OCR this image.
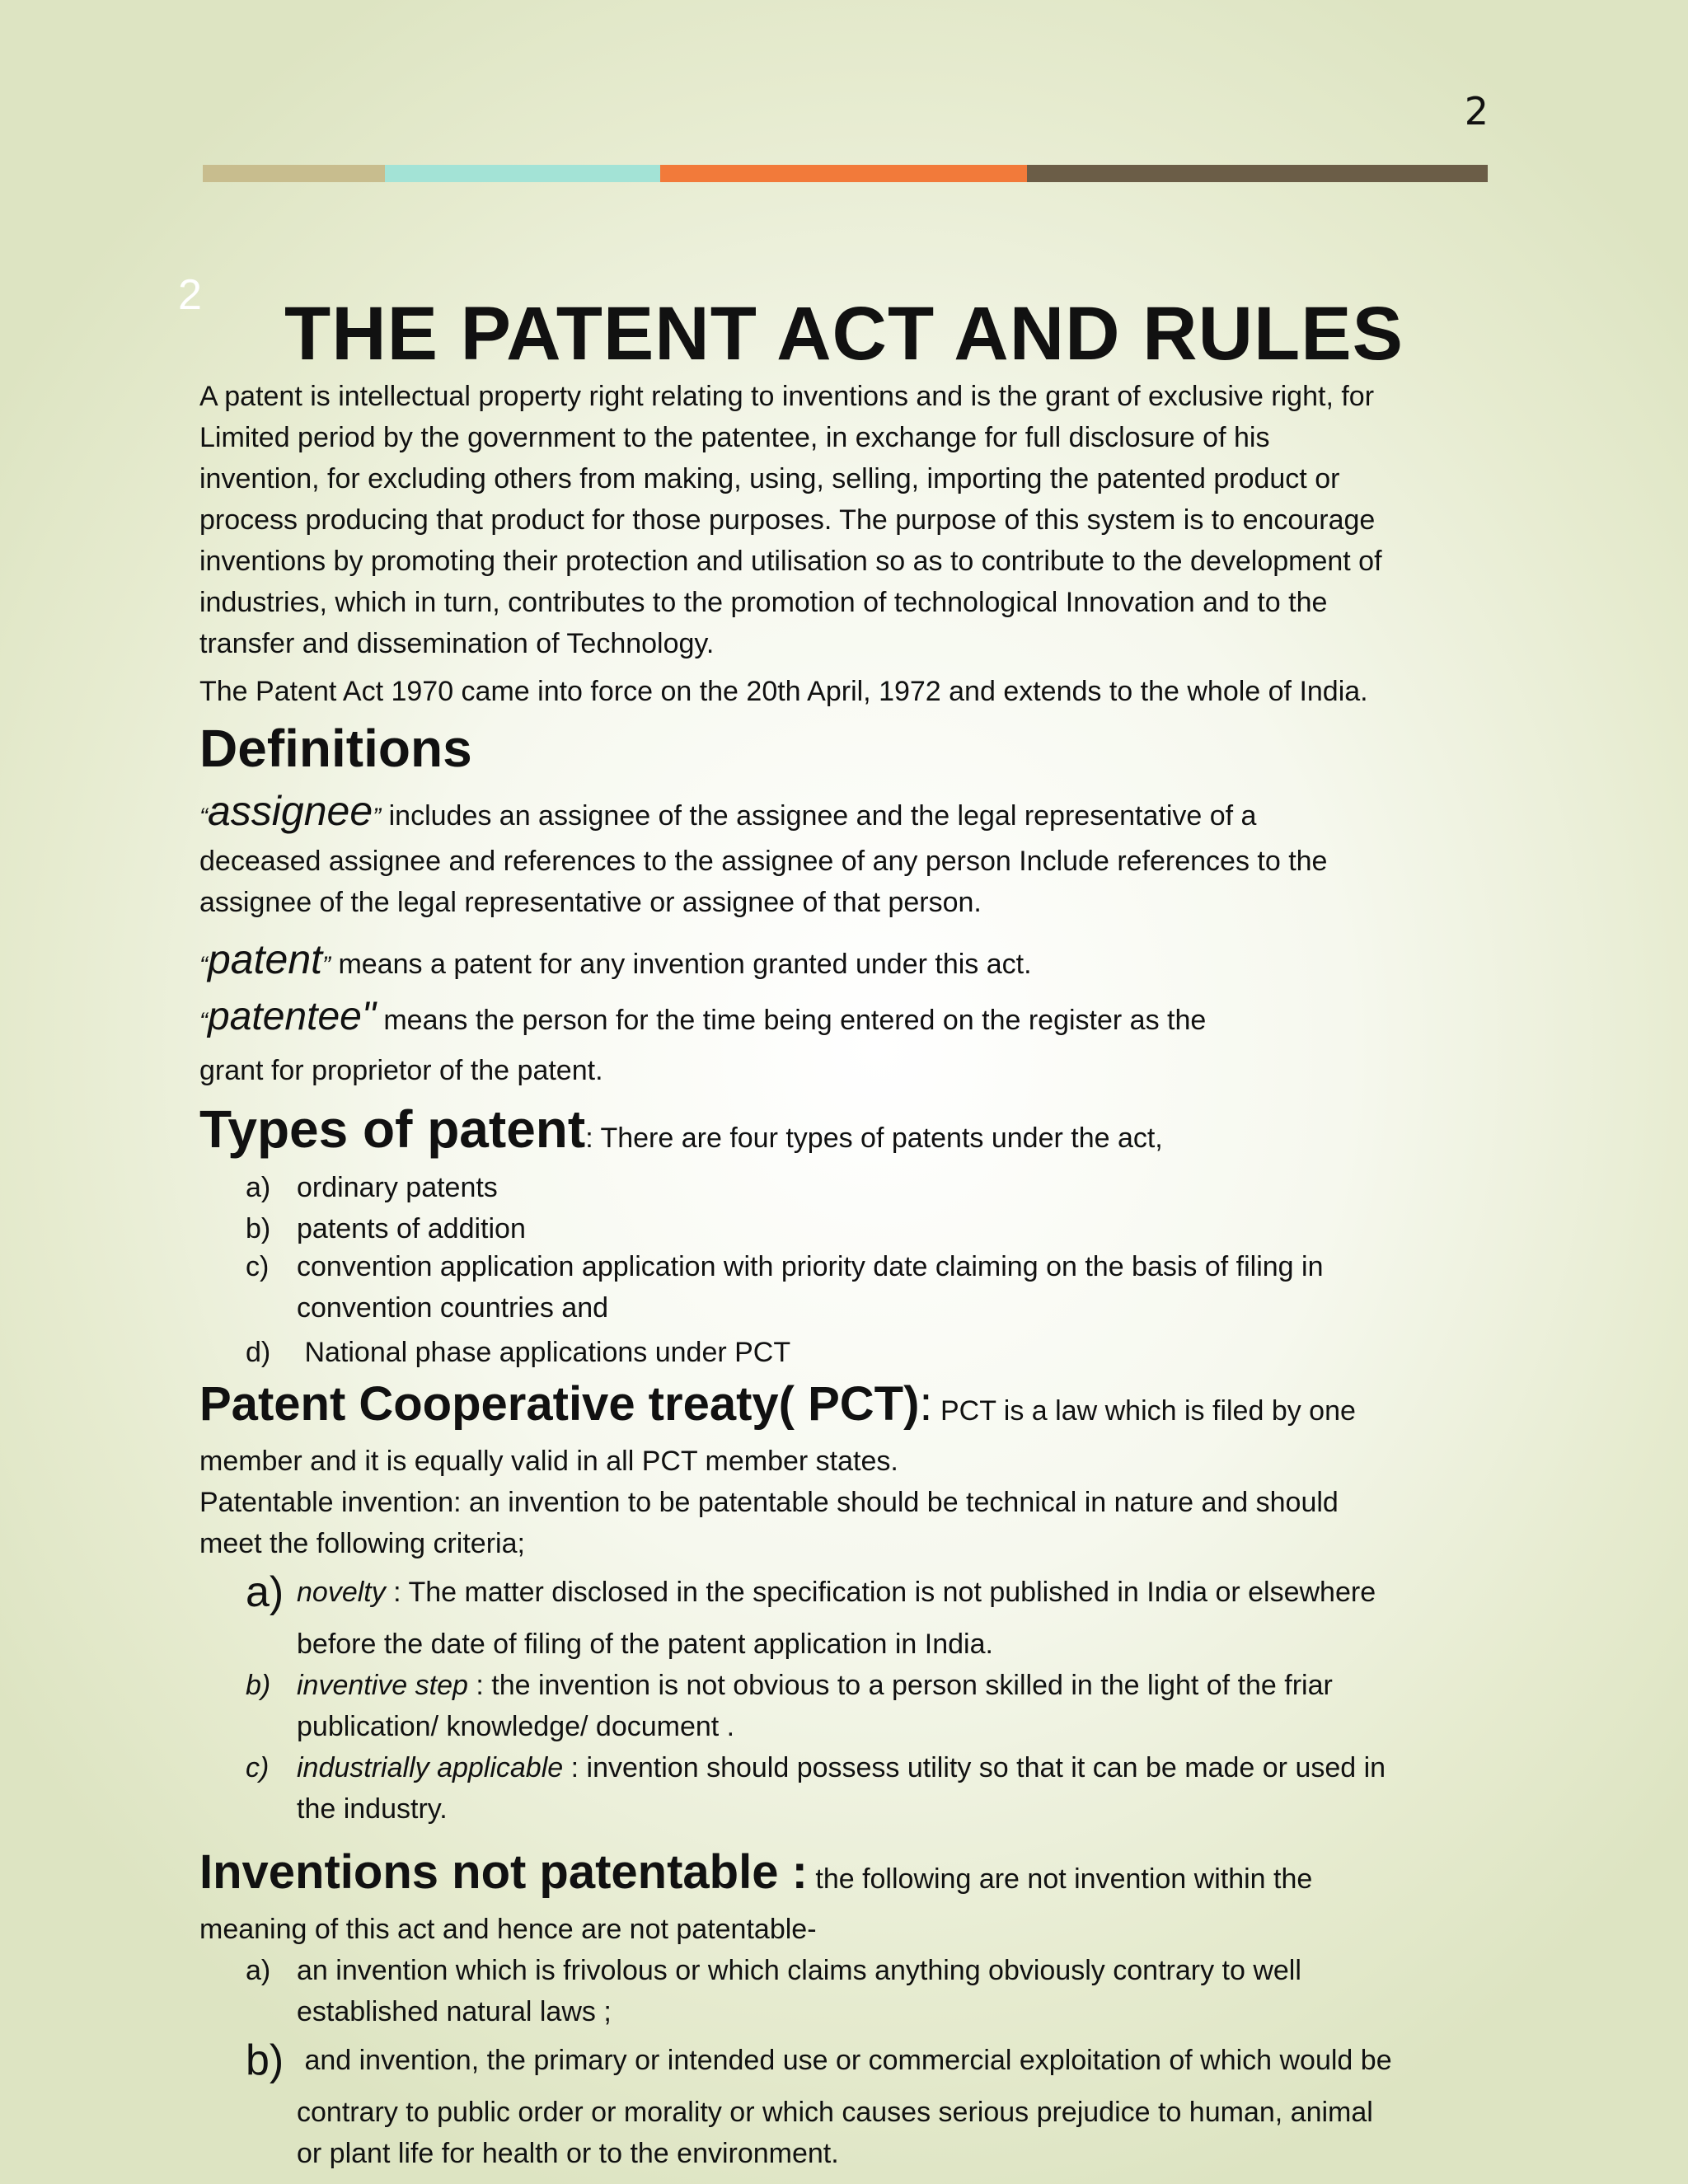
2
2	THE PATENT ACT AND RULES
A patent is intellectual property right relating to inventions and is the grant of exclusive right, for
Limited period by the government to the patentee, in exchange for full disclosure of his
invention, for excluding others from making, using, selling, importing the patented product or
process producing that product for those purposes. The purpose of this system is to encourage
inventions by promoting their protection and utilisation so as to contribute to the development of
industries, which in turn, contributes to the promotion of technological Innovation and to the
transfer and dissemination of Technology.
The Patent Act 1970 came into force on the 20th April, 1972 and extends to the whole of India.
Definitions
“assignee” includes an assignee of the assignee and the legal representative of a
deceased assignee and references to the assignee of any person Include references to the
assignee of the legal representative or assignee of that person.
“patent” means a patent for any invention granted under this act.
“patentee" means the person for the time being entered on the register as the
grant for proprietor of the patent.
Types of patent: There are four types of patents under the act,
a) ordinary patents
b) patents of addition
c) convention application application with priority date claiming on the basis of filing in
convention countries and
d) National phase applications under PCT
Patent Cooperative treaty( PCT): PCT is a law which is filed by one
member and it is equally valid in all PCT member states.
Patentable invention: an invention to be patentable should be technical in nature and should
meet the following criteria;
a) novelty : The matter disclosed in the specification is not published in India or elsewhere
before the date of filing of the patent application in India.
b) inventive step : the invention is not obvious to a person skilled in the light of the friar
publication/ knowledge/ document .
c) industrially applicable : invention should possess utility so that it can be made or used in
the industry.
Inventions not patentable : the following are not invention within the
meaning of this act and hence are not patentable-
a) an invention which is frivolous or which claims anything obviously contrary to well
established natural laws ;
b) and invention, the primary or intended use or commercial exploitation of which would be
contrary to public order or morality or which causes serious prejudice to human, animal
or plant life for health or to the environment.
